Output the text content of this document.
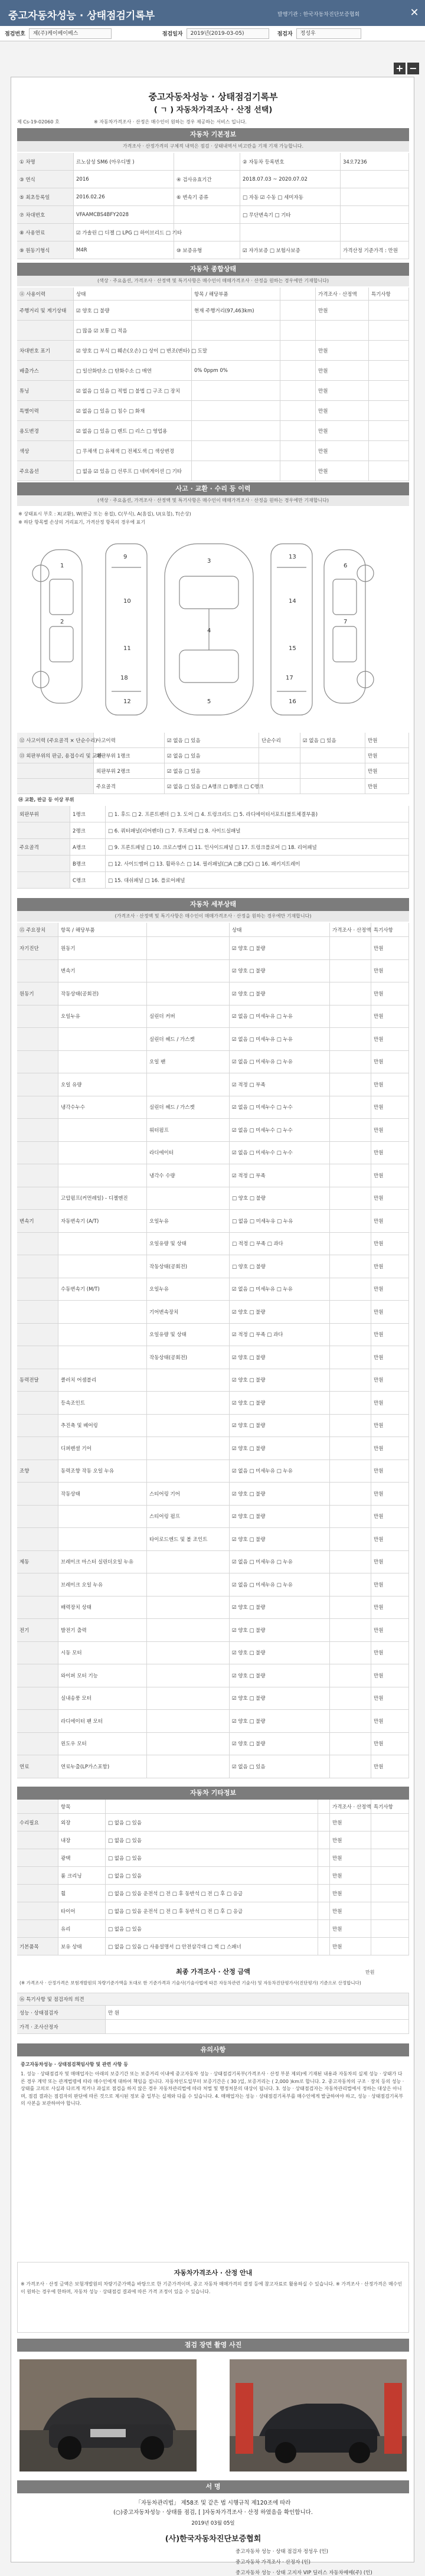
중고자동차성능 · 상태점검기록부	발행기관 : 한국자동차진단보증협회	✕
점검번호	제(주)케이베이베스	점검일자	2019년(2019-03-05)	점검자	정성우
+ −
중고자동차성능 · 상태점검기록부
( ㄱ ) 자동차가격조사 · 산정 선택)
제 Cs-19-02060 호	※ 자동차가격조사 · 산정은 매수인이 원하는 경우 제공하는 서비스 입니다.
자동차 기본정보
가격조사 · 산정가격의 구체적 내역은 점검 · 상태내역서 비고란을 기재 기재 가능합니다.
자동차 종합상태
(색상 · 주요옵션, 가격조사 · 산정액 및 특기사항은 매수인이 매매가격조사 · 산정을 원하는 경우에만 기재합니다)
사고 · 교환 · 수리 등 이력
(색상 · 주요옵션, 가격조사 · 산정액 및 특기사항은 매수인이 매매가격조사 · 산정을 원하는 경우에만 기재합니다)
※ 상태표시 부호 : X(교환), W(판금 또는 용접), C(부식), A(흠집), U(요철), T(손상)
※ 하단 항목별 손상의 거리표기, 가격산정 항목의 경우에 표기
1
2
3
4
5
6
7
9
10
11
12
13
14
15
16
17
18
⑭ 교환, 판금 등 이상 부위
자동차 세부상태
(가격조사 · 산정액 및 특기사항은 매수인이 매매가격조사 · 산정을 원하는 경우에만 기재합니다)
자동차 기타정보
최종 가격조사 · 산정 금액
(※ 가격조사 · 산정가격은 보험개발원의 차량기준가액을 토대로 한 기준가격과 기술사(기술사법에 따른 자동차관련 기술사) 및 자동차진단평가사(진단평가) 기준으로 산정합니다)
만원
⑯ 특기사항 및 점검자의 의견
유의사항
중고자동차성능 · 상태점검책임사항 및 관련 사항 등
1. 성능 · 상태점검자 및 매매업자는 아래의 보증기간 또는 보증거리 이내에 중고자동차 성능 · 상태점검기록부(가격조사 · 산정 부분 제외)에 기재된 내용과 자동차의 실제 성능 · 상태가 다른 경우 계약 또는 관계법령에 따라 매수인에게 대하여 책임을 집니다. 자동차인도일부터 보증기간은 ( 30 )일, 보증거리는 ( 2,000 )km로 합니다. 2. 중고자동차의 구조 · 장치 등의 성능 · 상태를 고의로 사실과 다르게 적거나 과실로 점검을 하지 않은 경우 자동차관리법에 따라 처벌 및 행정처분의 대상이 됩니다. 3. 성능 · 상태점검자는 자동차관리법에서 정하는 대상은 아니며, 점검 결과는 점검자의 판단에 따른 것으로 제시된 정보 중 일부는 실제와 다를 수 있습니다. 4. 매매업자는 성능 · 상태점검기록부를 매수인에게 발급하여야 하고, 성능 · 상태점검기록부의 사본을 보관하여야 합니다.
자동차가격조사 · 산정 안내
※ 가격조사 · 산정 금액은 보험개발원의 차량기준가액을 바탕으로 한 기준가격이며, 중고 자동차 매매가격의 결정 등에 참고자료로 활용하실 수 있습니다. ※ 가격조사 · 산정가격은 매수인이 원하는 경우에 한하며, 자동차 성능 · 상태점검 결과에 따른 가격 조정이 있을 수 있습니다.
점검 장면 촬영 사진
서 명
「자동차관리법」 제58조 및 같은 법 시행규칙 제120조에 따라
(○)중고자동차성능 · 상태를 점검, [ ]자동차가격조사 · 산정 하였음을 확인합니다.
2019년 03월 05일
(사)한국자동차진단보증협회
① 차명	르노삼성 SM6 (아우디별 )	② 자동차 등록번호	34오7236
③ 연식	2016	④ 검사유효기간	2018.07.03 ~ 2020.07.02
⑤ 최초등록일	2016.02.26	⑥ 변속기 종류	□ 자동 ☑ 수동 □ 세미자동
⑦ 차대번호	VFAAMCBS4BFY2028	□ 무단변속기 □ 기타
⑧ 사용연료	☑ 가솔린 □ 디젤 □ LPG □ 하이브리드 □ 기타
⑨ 원동기형식	M4R	⑩ 보증유형	☑ 자가보증 □ 보험사보증	가격산정 기준가격 : 만원
⑪ 사용이력	상태	항목 / 해당부품	가격조사 · 산정액	특기사항
주행거리 및 계기상태	☑ 양호 □ 불량	현재 주행거리(97,463km)	만원
□ 많음 ☑ 보통 □ 적음
차대번호 표기	☑ 양호 □ 부식 □ 훼손(오손) □ 상이 □ 변조(변타) □ 도말	만원
배출가스	□ 일산화탄소 □ 탄화수소 □ 매연	0% 0ppm 0%	만원
튜닝	☑ 없음 □ 있음 □ 적법 □ 불법 □ 구조 □ 장치	만원
특별이력	☑ 없음 □ 있음 □ 침수 □ 화재	만원
용도변경	☑ 없음 □ 있음 □ 렌트 □ 리스 □ 영업용	만원
색상	□ 무채색 □ 유채색 □ 전체도색 □ 색상변경	만원
주요옵션	□ 없음 ☑ 있음 □ 선루프 □ 네비게이션 □ 기타	만원
⑫ 사고이력 (주요골격 × 단순수리)
사고이력	☑ 없음 □ 있음	단순수리	☑ 없음 □ 있음	만원
⑬ 외판부위의 판금, 용접수리 및 교환
외판부위 1랭크	☑ 없음 □ 있음	만원
외판부위 2랭크	☑ 없음 □ 있음	만원
주요골격	☑ 없음 □ 있음 □ A랭크 □ B랭크 □ C랭크	만원
외판부위	1랭크	□ 1. 후드 □ 2. 프론트펜더 □ 3. 도어 □ 4. 트렁크리드 □ 5. 라디에이터서포트(볼트체결부품)
2랭크	□ 6. 쿼터패널(리어펜더) □ 7. 루프패널 □ 8. 사이드실패널
주요골격	A랭크	□ 9. 프론트패널 □ 10. 크로스멤버 □ 11. 인사이드패널 □ 17. 트렁크플로어 □ 18. 리어패널
B랭크	□ 12. 사이드멤버 □ 13. 휠하우스 □ 14. 필러패널(□A □B □C) □ 16. 패키지트레이
C랭크	□ 15. 대쉬패널 □ 16. 플로어패널
⑮ 주요장치	항목 / 해당부품	상태	가격조사 · 산정액 특기사항
자기진단	원동기	☑ 양호 □ 불량	만원
변속기	☑ 양호 □ 불량	만원
원동기	작동상태(공회전)	☑ 양호 □ 불량	만원
오일누유	실린더 커버	☑ 없음 □ 미세누유 □ 누유	만원
실린더 헤드 / 가스켓	☑ 없음 □ 미세누유 □ 누유	만원
오일 팬	☑ 없음 □ 미세누유 □ 누유	만원
오일 유량	☑ 적정 □ 부족	만원
냉각수누수	실린더 헤드 / 가스켓	☑ 없음 □ 미세누수 □ 누수	만원
워터펌프	☑ 없음 □ 미세누수 □ 누수	만원
라디에이터	☑ 없음 □ 미세누수 □ 누수	만원
냉각수 수량	☑ 적정 □ 부족	만원
고압펌프(커먼레일) - 디젤엔진	□ 양호 □ 불량	만원
변속기	자동변속기 (A/T)	오일누유	□ 없음 □ 미세누유 □ 누유	만원
오일유량 및 상태	□ 적정 □ 부족 □ 과다	만원
작동상태(공회전)	□ 양호 □ 불량	만원
수동변속기 (M/T)	오일누유	☑ 없음 □ 미세누유 □ 누유	만원
기어변속장치	☑ 양호 □ 불량	만원
오일유량 및 상태	☑ 적정 □ 부족 □ 과다	만원
작동상태(공회전)	☑ 양호 □ 불량	만원
동력전달	클러치 어셈블리	☑ 양호 □ 불량	만원
등속조인트	☑ 양호 □ 불량	만원
추진축 및 베어링	☑ 양호 □ 불량	만원
디퍼렌셜 기어	☑ 양호 □ 불량	만원
조향	동력조향 작동 오일 누유	☑ 없음 □ 미세누유 □ 누유	만원
작동상태	스티어링 기어	☑ 양호 □ 불량	만원
스티어링 펌프	☑ 양호 □ 불량	만원
타이로드엔드 및 볼 조인트	☑ 양호 □ 불량	만원
제동	브레이크 마스터 실린더오일 누유	☑ 없음 □ 미세누유 □ 누유	만원
브레이크 오일 누유	☑ 없음 □ 미세누유 □ 누유	만원
배력장치 상태	☑ 양호 □ 불량	만원
전기	발전기 출력	☑ 양호 □ 불량	만원
시동 모터	☑ 양호 □ 불량	만원
와이퍼 모터 기능	☑ 양호 □ 불량	만원
실내송풍 모터	☑ 양호 □ 불량	만원
라디에이터 팬 모터	☑ 양호 □ 불량	만원
윈도우 모터	☑ 양호 □ 불량	만원
연료	연료누출(LP가스포함)	☑ 없음 □ 있음	만원
항목	가격조사 · 산정액 특기사항
수리필요	외장	□ 없음 □ 있음	만원
내장	□ 없음 □ 있음	만원
광택	□ 없음 □ 있음	만원
룸 크리닝	□ 없음 □ 있음	만원
휠	□ 없음 □ 있음 운전석 □ 전 □ 후 동반석 □ 전 □ 후 □ 응급	만원
타이어	□ 없음 □ 있음 운전석 □ 전 □ 후 동반석 □ 전 □ 후 □ 응급	만원
유리	□ 없음 □ 있음	만원
기본품목	보유 상태	□ 없음 □ 있음 □ 사용설명서 □ 안전삼각대 □ 잭 □ 스패너	만원
성능 · 상태점검자	만 원
가격 · 조사산정자
중고자동차 성능 · 상태 점검자 정성우 (인)
중고자동차 가격조사 · 산정자 (인)
중고자동차 성능 · 상태 고지자 VIP 딜러스 자동차매매(주) (인)
